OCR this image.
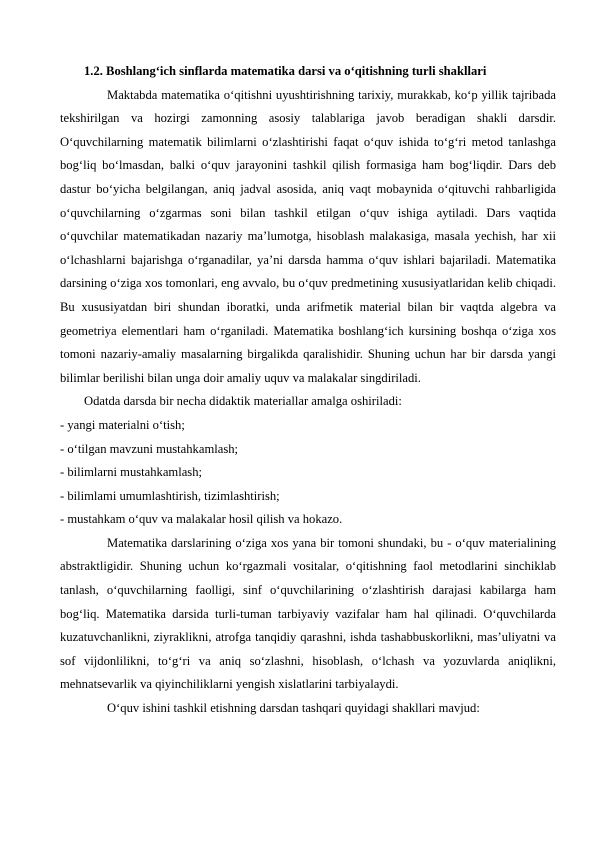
1.2. Boshlang‘ich sinflarda matematika darsi va o‘qitishning turli shakllari

Maktabda matematika o‘qitishni uyushtirishning tarixiy, murakkab, ko‘p yillik tajribada tekshirilgan va hozirgi zamonning asosiy talablariga javob beradigan shakli darsdir. O‘quvchilarning matematik bilimlarni o‘zlashtirishi faqat o‘quv ishida to‘g‘ri metod tanlashga bog‘liq bo‘lmasdan, balki o‘quv jarayonini tashkil qilish formasiga ham bog‘liqdir. Dars deb dastur bo‘yicha belgilangan, aniq jadval asosida, aniq vaqt mobaynida o‘qituvchi rahbarligida o‘quvchilarning o‘zgarmas soni bilan tashkil etilgan o‘quv ishiga aytiladi. Dars vaqtida o‘quvchilar matematikadan nazariy ma’lumotga, hisoblash malakasiga, masala yechish, har xii o‘lchashlarni bajarishga o‘rganadilar, ya’ni darsda hamma o‘quv ishlari bajariladi. Matematika darsining o‘ziga xos tomonlari, eng avvalo, bu o‘quv predmetining xususiyatlaridan kelib chiqadi. Bu xususiyatdan biri shundan iboratki, unda arifmetik material bilan bir vaqtda algebra va geometriya elementlari ham o‘rganiladi. Matematika boshlang‘ich kursining boshqa o‘ziga xos tomoni nazariy-amaliy masalarning birgalikda qaralishidir. Shuning uchun har bir darsda yangi bilimlar berilishi bilan unga doir amaliy uquv va malakalar singdiriladi.

Odatda darsda bir necha didaktik materiallar amalga oshiriladi:

- yangi materialni o‘tish;

- o‘tilgan mavzuni mustahkamlash;

- bilimlarni mustahkamlash;

- bilimlami umumlashtirish, tizimlashtirish;

- mustahkam o‘quv va malakalar hosil qilish va hokazo.

Matematika darslarining o‘ziga xos yana bir tomoni shundaki, bu - o‘quv materialining abstraktligidir. Shuning uchun ko‘rgazmali vositalar, o‘qitishning faol metodlarini sinchiklab tanlash, o‘quvchilarning faolligi, sinf o‘quvchilarining o‘zlashtirish darajasi kabilarga ham bog‘liq. Matematika darsida turli-tuman tarbiyaviy vazifalar ham hal qilinadi. O‘quvchilarda kuzatuvchanlikni, ziyraklikni, atrofga tanqidiy qarashni, ishda tashabbuskorlikni, mas’uliyatni va sof vijdonlilikni, to‘g‘ri va aniq so‘zlashni, hisoblash, o‘lchash va yozuvlarda aniqlikni, mehnatsevarlik va qiyinchiliklarni yengish xislatlarini tarbiyalaydi.

O‘quv ishini tashkil etishning darsdan tashqari quyidagi shakllari mavjud:
